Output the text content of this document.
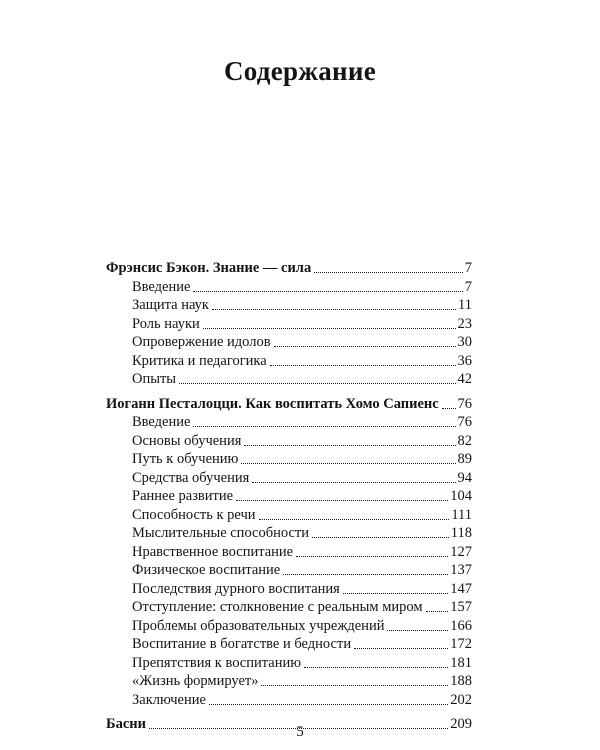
Содержание
Фрэнсис Бэкон. Знание — сила	7
Введение	7
Защита наук	11
Роль науки	23
Опровержение идолов	30
Критика и педагогика	36
Опыты	42
Иоганн Песталоцци. Как воспитать Хомо Сапиенс 76
Введение	76
Основы обучения	82
Путь к обучению	89
Средства обучения	94
Раннее развитие	104
Способность к речи	111
Мыслительные способности	118
Нравственное воспитание	127
Физическое воспитание	137
Последствия дурного воспитания	147
Отступление: столкновение с реальным миром 157
Проблемы образовательных учреждений	166
Воспитание в богатстве и бедности	172
Препятствия к воспитанию	181
«Жизнь формирует»	188
Заключение	202
Басни	209
5
